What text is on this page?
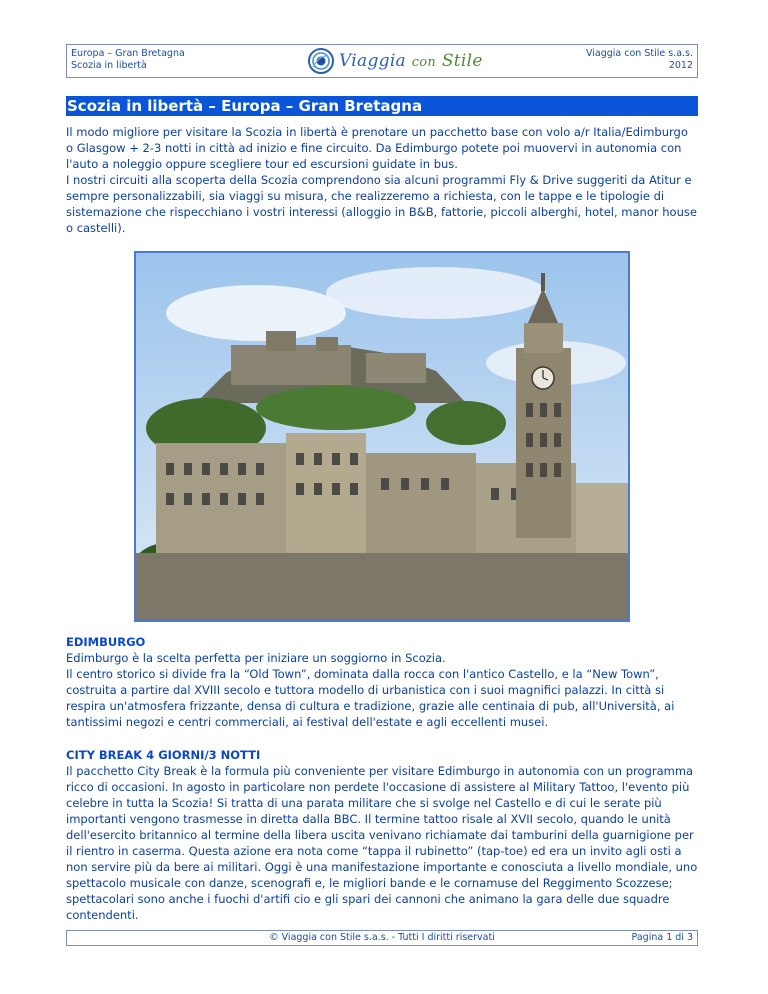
Europa – Gran Bretagna
Scozia in libertà	Viaggia con Stile	Viaggia con Stile s.a.s.
2012
Scozia in libertà – Europa – Gran Bretagna

Il modo migliore per visitare la Scozia in libertà è prenotare un pacchetto base con volo a/r Italia/Edimburgo o Glasgow + 2-3 notti in città ad inizio e fine circuito. Da Edimburgo potete poi muovervi in autonomia con l'auto a noleggio oppure scegliere tour ed escursioni guidate in bus.

I nostri circuiti alla scoperta della Scozia comprendono sia alcuni programmi Fly & Drive suggeriti da Atitur e sempre personalizzabili, sia viaggi su misura, che realizzeremo a richiesta, con le tappe e le tipologie di sistemazione che rispecchiano i vostri interessi (alloggio in B&B, fattorie, piccoli alberghi, hotel, manor house o castelli).

EDIMBURGO

Edimburgo è la scelta perfetta per iniziare un soggiorno in Scozia.

Il centro storico si divide fra la “Old Town”, dominata dalla rocca con l'antico Castello, e la “New Town”, costruita a partire dal XVIII secolo e tuttora modello di urbanistica con i suoi magnifici palazzi. In città si respira un'atmosfera frizzante, densa di cultura e tradizione, grazie alle centinaia di pub, all'Università, ai tantissimi negozi e centri commerciali, ai festival dell'estate e agli eccellenti musei.

CITY BREAK 4 GIORNI/3 NOTTI

Il pacchetto City Break è la formula più conveniente per visitare Edimburgo in autonomia con un programma ricco di occasioni. In agosto in particolare non perdete l'occasione di assistere al Military Tattoo, l'evento più celebre in tutta la Scozia! Si tratta di una parata militare che si svolge nel Castello e di cui le serate più importanti vengono trasmesse in diretta dalla BBC. Il termine tattoo risale al XVII secolo, quando le unità dell'esercito britannico al termine della libera uscita venivano richiamate dai tamburini della guarnigione per il rientro in caserma. Questa azione era nota come “tappa il rubinetto” (tap-toe) ed era un invito agli osti a non servire più da bere ai militari. Oggi è una manifestazione importante e conosciuta a livello mondiale, uno spettacolo musicale con danze, scenografi e, le migliori bande e le cornamuse del Reggimento Scozzese; spettacolari sono anche i fuochi d'artifi cio e gli spari dei cannoni che animano la gara delle due squadre contendenti.

© Viaggia con Stile s.a.s. - Tutti I diritti riservati	Pagina 1 di 3
